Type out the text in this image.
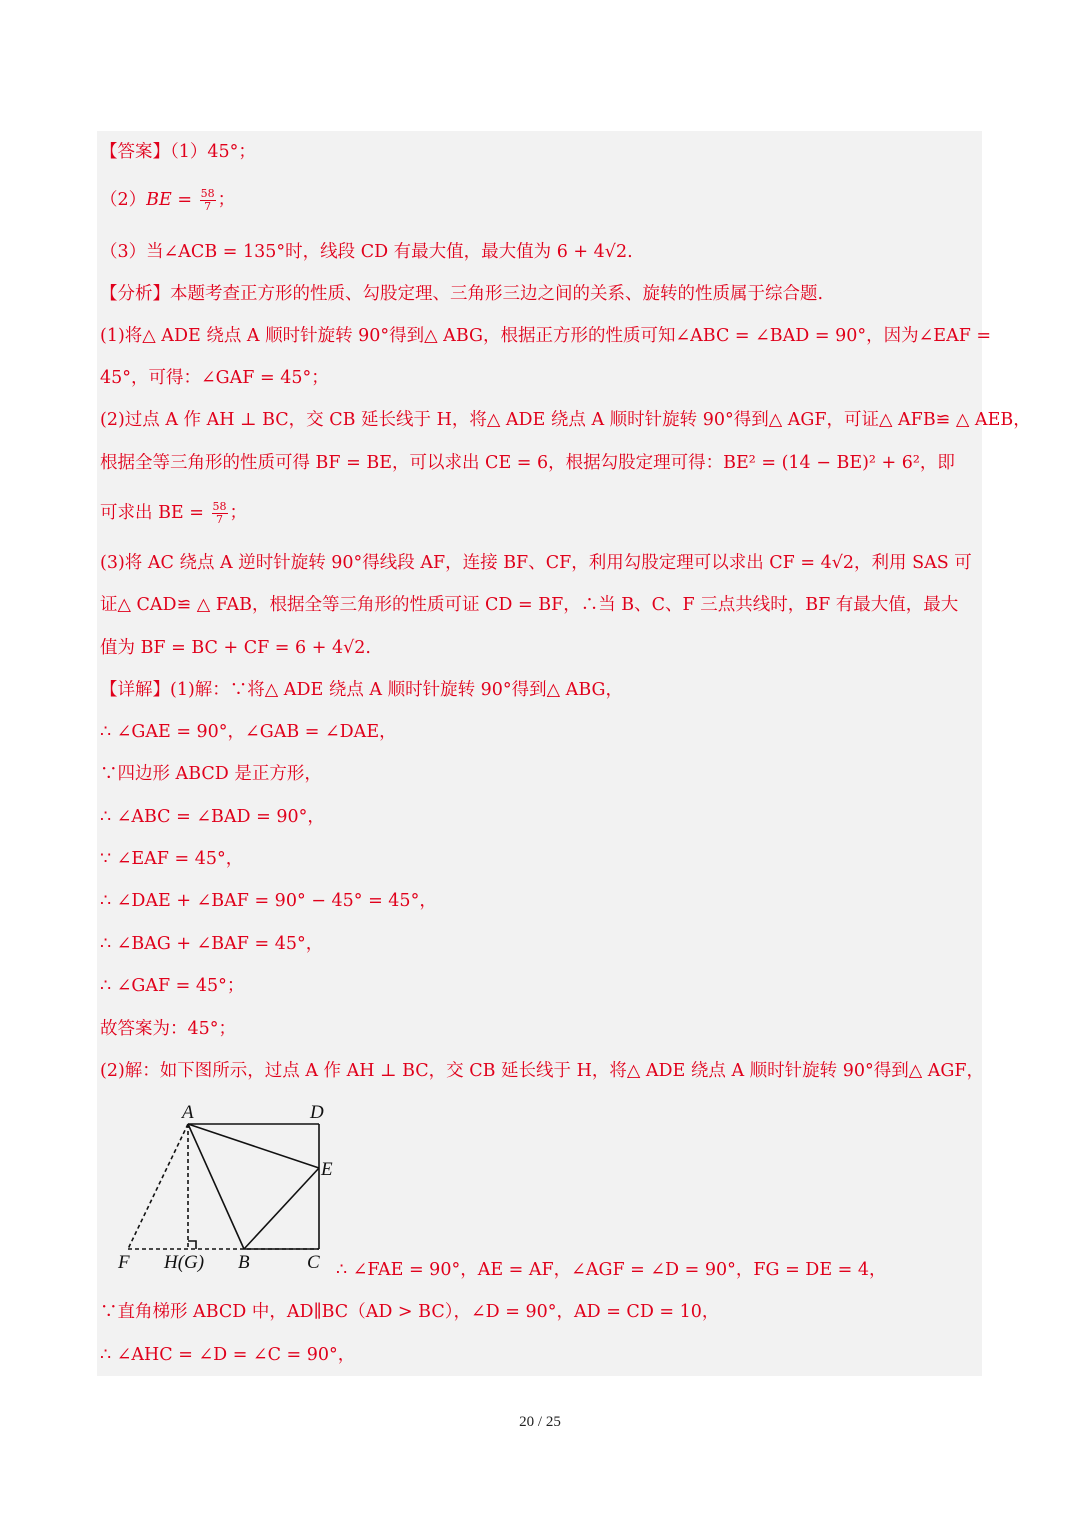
【答案】（1）45°；
$(2)BE = \frac{58}{7}$ ；
（3）当∠ACB = 135°时，线段 CD 有最大值，最大值为 6 + 4√2.
【分析】本题考查正方形的性质、勾股定理、三角形三边之间的关系、旋转的性质属于综合题.
(1)将△ ADE 绕点 A 顺时针旋转 90°得到△ ABG，根据正方形的性质可知∠ABC = ∠BAD = 90°，因为∠EAF =
45°，可得：∠GAF = 45°；
(2)过点 A 作 AH ⊥ BC，交 CB 延长线于 H，将△ ADE 绕点 A 顺时针旋转 90°得到△ AGF，可证△ AFB≌ △ AEB，
根据全等三角形的性质可得 BF = BE，可以求出 CE = 6，根据勾股定理可得：BE² = (14 − BE)² + 6²，即
可求出 BE = $\frac{58}{7}$ ；
(3)将 AC 绕点 A 逆时针旋转 90°得线段 AF，连接 BF、CF，利用勾股定理可以求出 CF = 4√2，利用 SAS 可
证△ CAD≌ △ FAB，根据全等三角形的性质可证 CD = BF，∴当 B、C、F 三点共线时，BF 有最大值，最大
值为 BF = BC + CF = 6 + 4√2.
【详解】(1)解：∵将△ ADE 绕点 A 顺时针旋转 90°得到△ ABG，
∴ ∠GAE = 90°，∠GAB = ∠DAE，
∵四边形 ABCD 是正方形，
∴ ∠ABC = ∠BAD = 90°，
∵ ∠EAF = 45°，
∴ ∠DAE + ∠BAF = 90° − 45° = 45°，
∴ ∠BAG + ∠BAF = 45°，
∴ ∠GAF = 45°；
故答案为：45°；
(2)解：如下图所示，过点 A 作 AH ⊥ BC，交 CB 延长线于 H，将△ ADE 绕点 A 顺时针旋转 90°得到△ AGF，
A	D
E
F H(G) B	C ∴ ∠FAE = 90°，AE = AF，∠AGF = ∠D = 90°，FG = DE = 4，
∵直角梯形 ABCD 中，AD∥BC（AD > BC），∠D = 90°，AD = CD = 10，
∴ ∠AHC = ∠D = ∠C = 90°，
20 / 25
